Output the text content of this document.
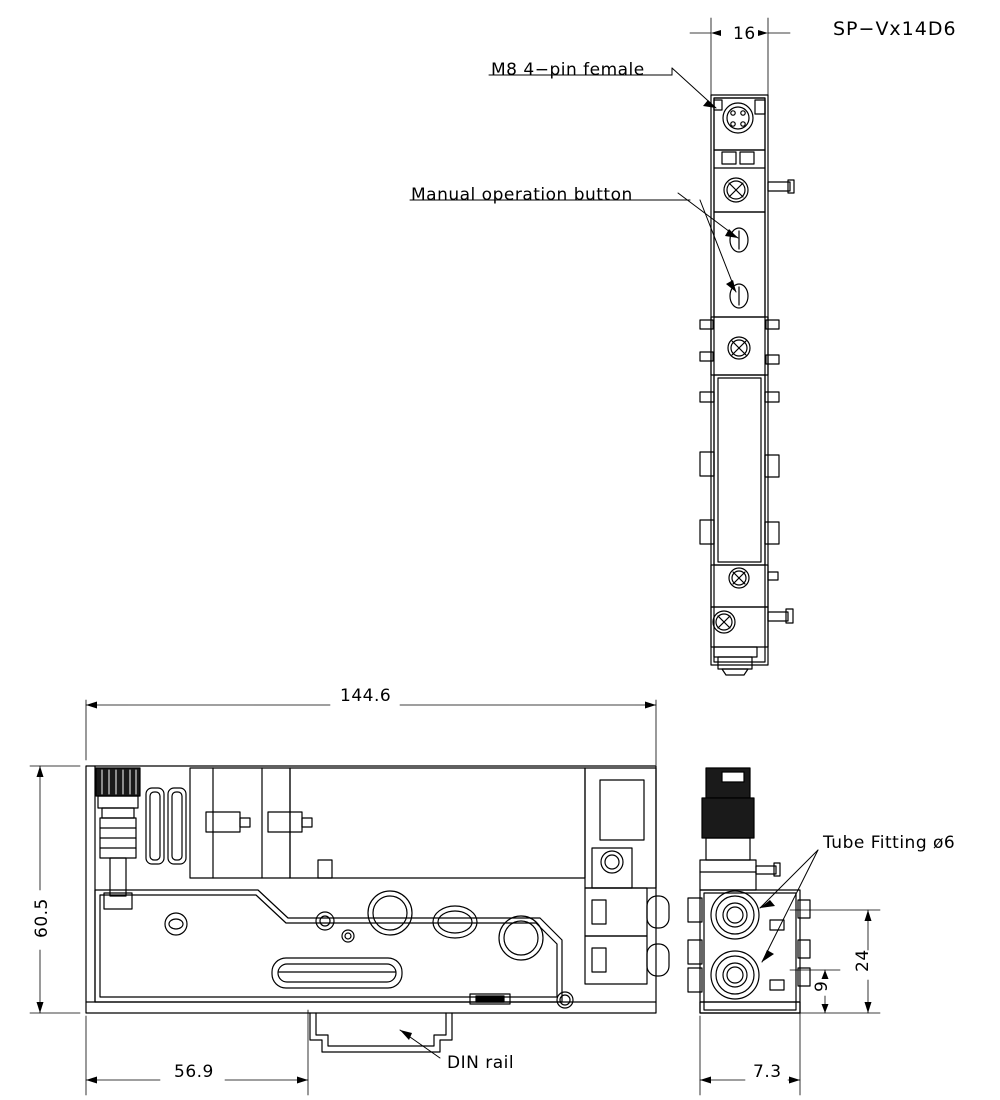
SP−Vx14D6
M8 4−pin female
Manual operation button
Tube Fitting ø6
DIN rail
16
144.6
60.5
56.9	7.3
24
9
